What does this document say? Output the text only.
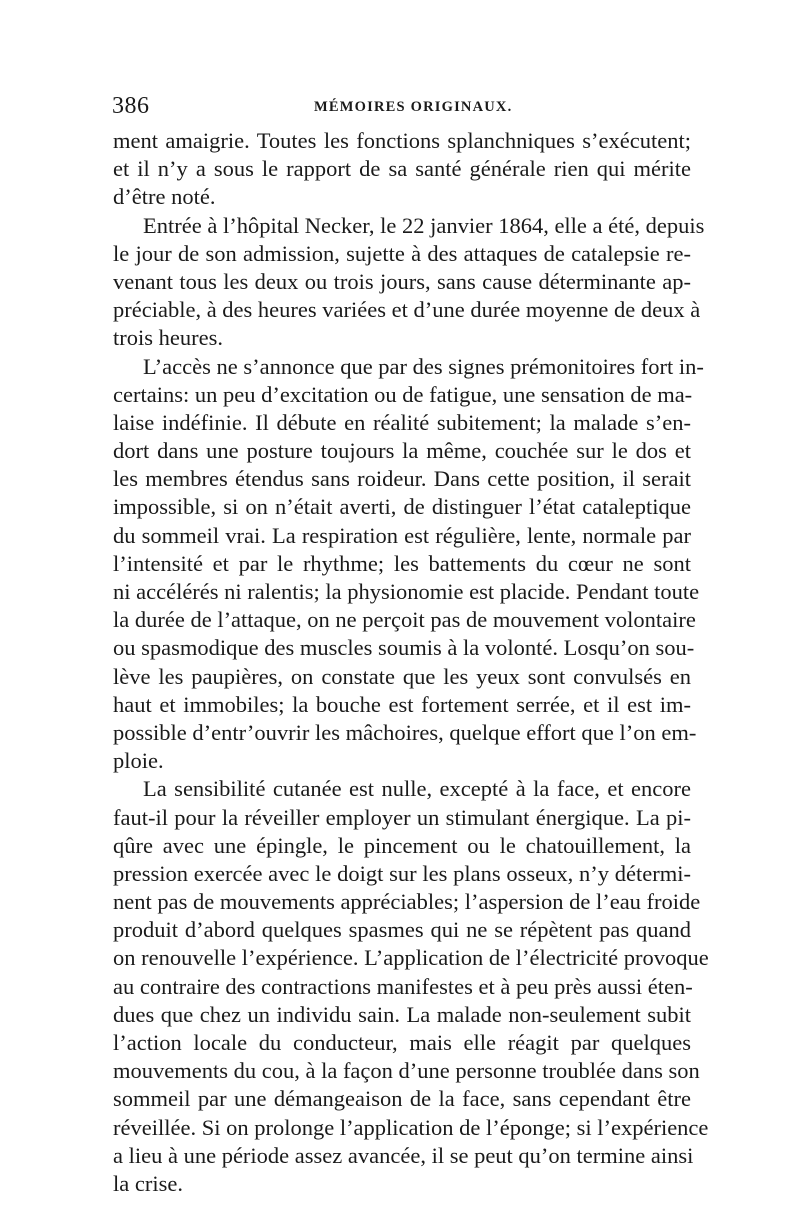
386	MÉMOIRES ORIGINAUX.
ment amaigrie. Toutes les fonctions splanchniques s’exécutent;
et il n’y a sous le rapport de sa santé générale rien qui mérite
d’être noté.
Entrée à l’hôpital Necker, le 22 janvier 1864, elle a été, depuis
le jour de son admission, sujette à des attaques de catalepsie re-
venant tous les deux ou trois jours, sans cause déterminante ap-
préciable, à des heures variées et d’une durée moyenne de deux à
trois heures.
L’accès ne s’annonce que par des signes prémonitoires fort in-
certains: un peu d’excitation ou de fatigue, une sensation de ma-
laise indéfinie. Il débute en réalité subitement; la malade s’en-
dort dans une posture toujours la même, couchée sur le dos et
les membres étendus sans roideur. Dans cette position, il serait
impossible, si on n’était averti, de distinguer l’état cataleptique
du sommeil vrai. La respiration est régulière, lente, normale par
l’intensité et par le rhythme; les battements du cœur ne sont
ni accélérés ni ralentis; la physionomie est placide. Pendant toute
la durée de l’attaque, on ne perçoit pas de mouvement volontaire
ou spasmodique des muscles soumis à la volonté. Losqu’on sou-
lève les paupières, on constate que les yeux sont convulsés en
haut et immobiles; la bouche est fortement serrée, et il est im-
possible d’entr’ouvrir les mâchoires, quelque effort que l’on em-
ploie.
La sensibilité cutanée est nulle, excepté à la face, et encore
faut-il pour la réveiller employer un stimulant énergique. La pi-
qûre avec une épingle, le pincement ou le chatouillement, la
pression exercée avec le doigt sur les plans osseux, n’y détermi-
nent pas de mouvements appréciables; l’aspersion de l’eau froide
produit d’abord quelques spasmes qui ne se répètent pas quand
on renouvelle l’expérience. L’application de l’électricité provoque
au contraire des contractions manifestes et à peu près aussi éten-
dues que chez un individu sain. La malade non-seulement subit
l’action locale du conducteur, mais elle réagit par quelques
mouvements du cou, à la façon d’une personne troublée dans son
sommeil par une démangeaison de la face, sans cependant être
réveillée. Si on prolonge l’application de l’éponge; si l’expérience
a lieu à une période assez avancée, il se peut qu’on termine ainsi
la crise.
